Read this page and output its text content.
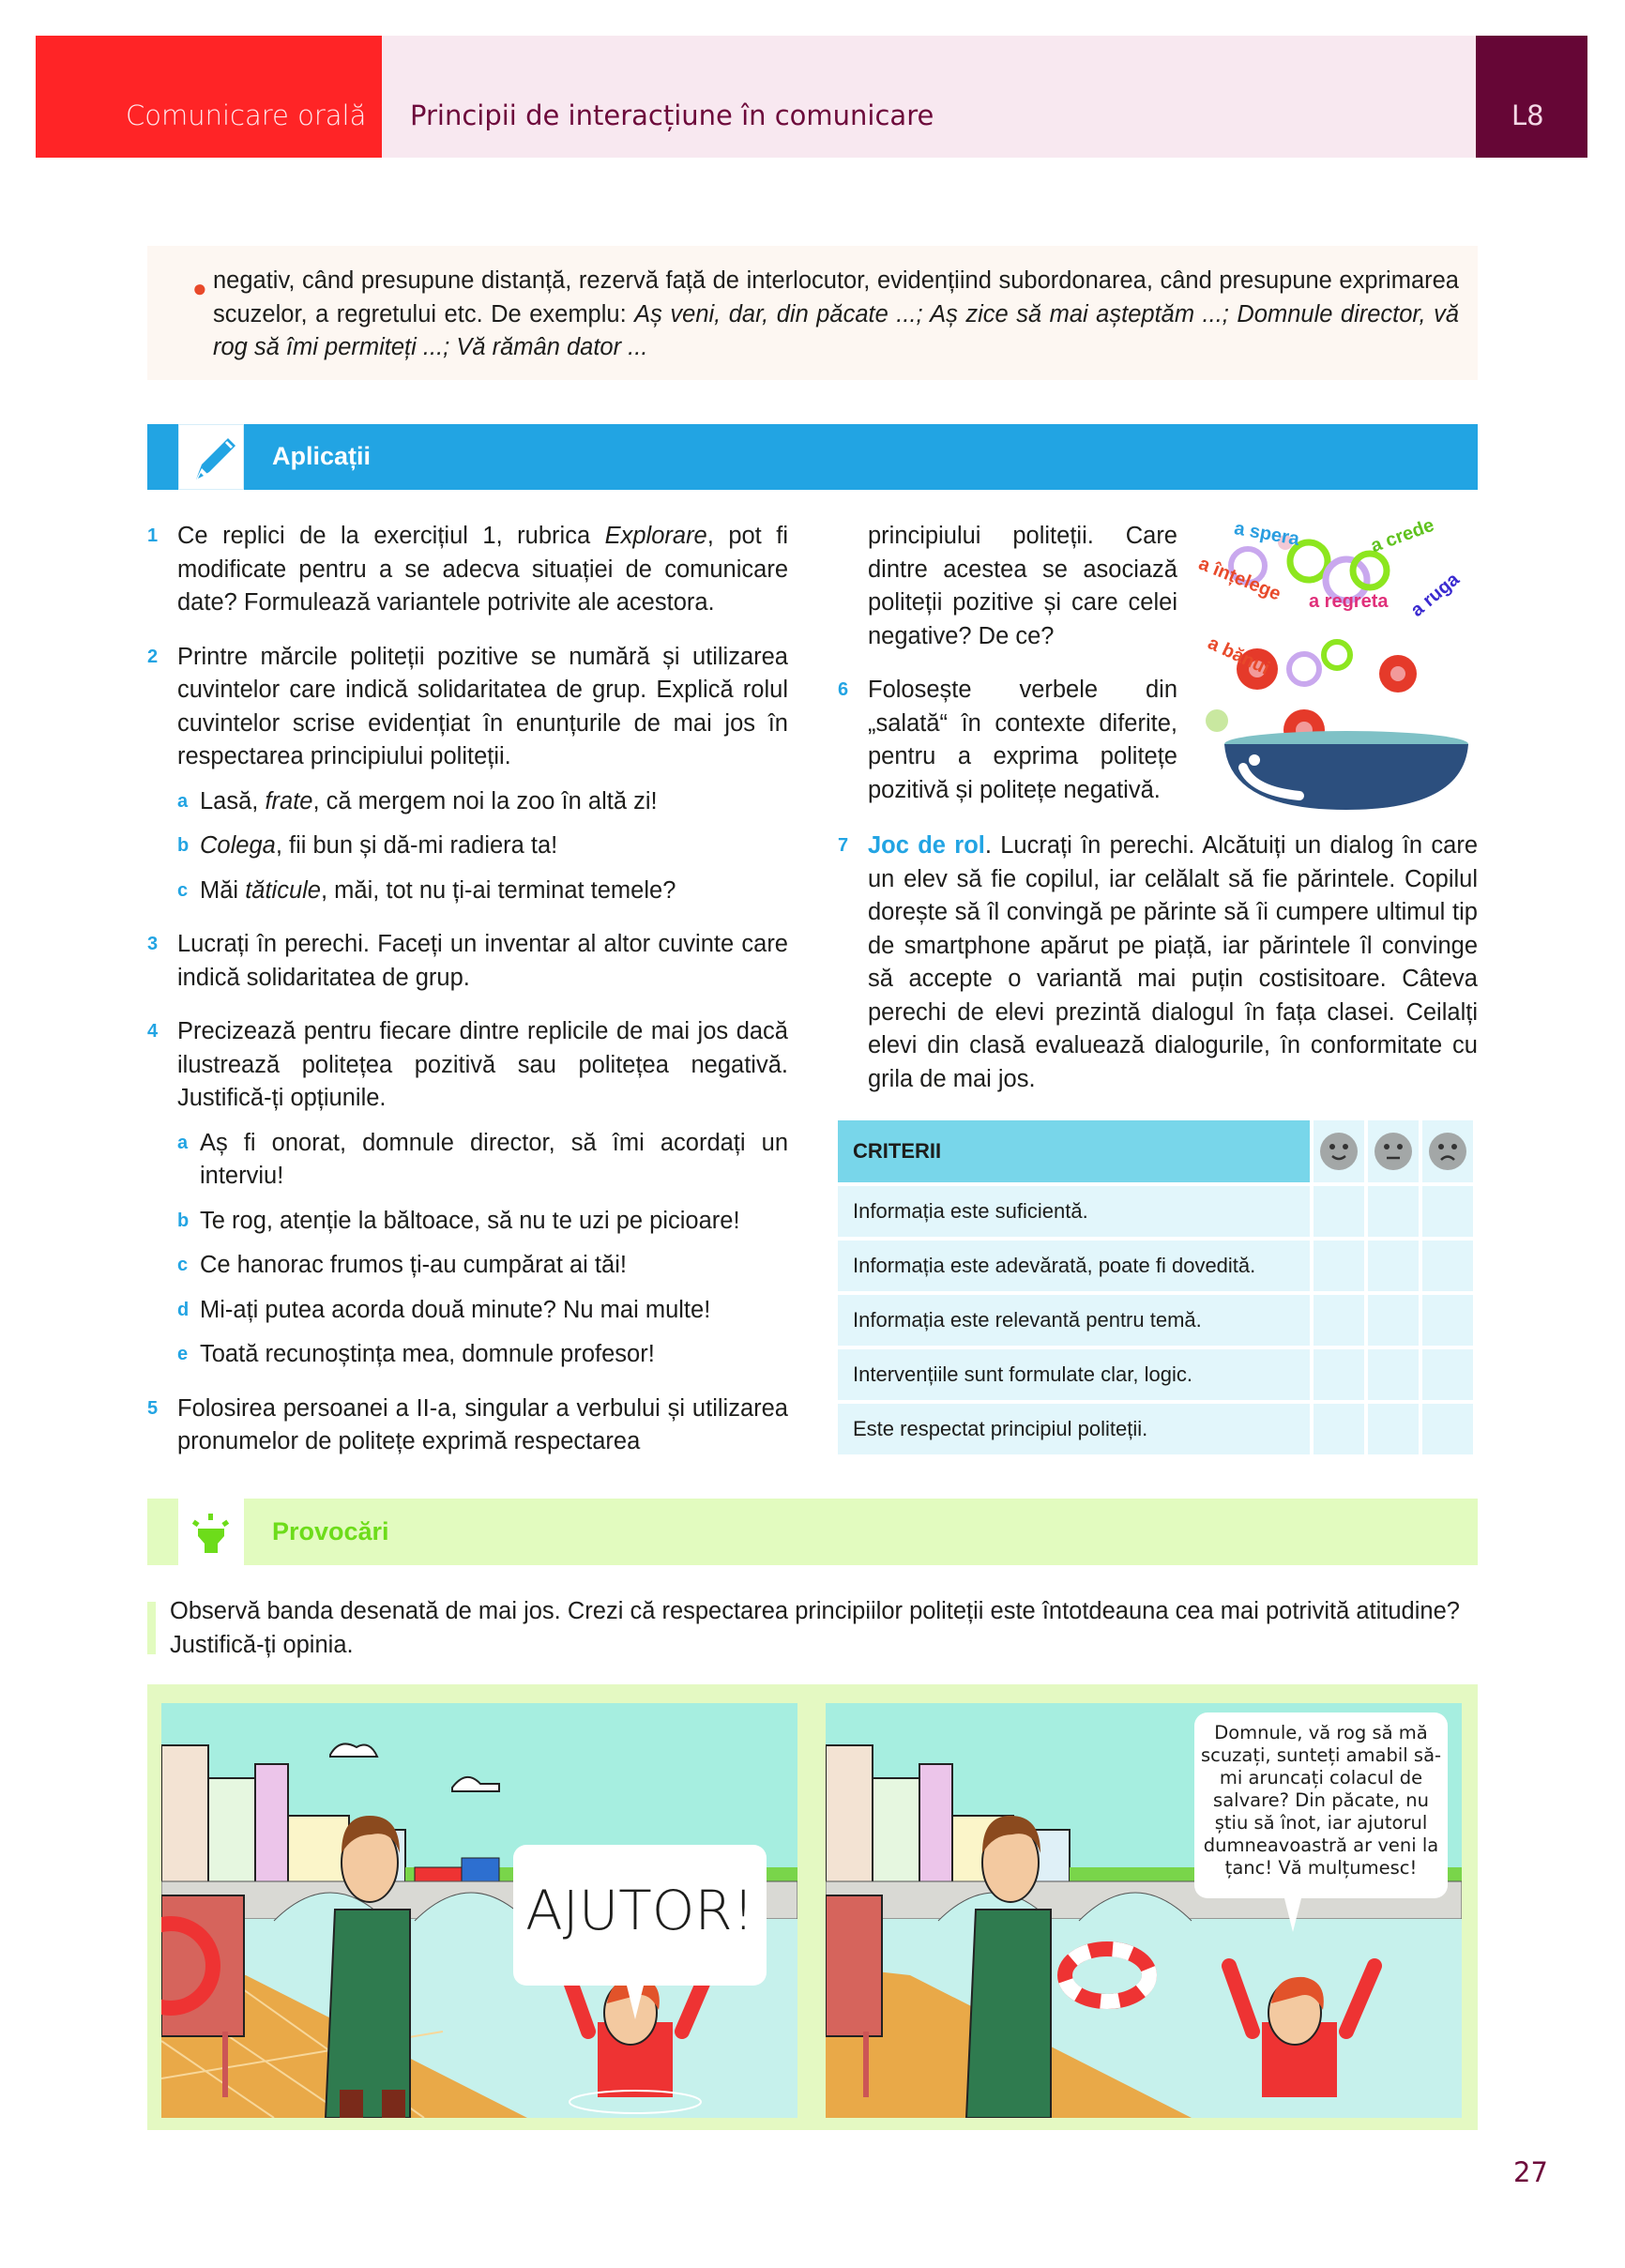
Comunicare orală	Principii de interacțiune în comunicare	L8
● negativ, când presupune distanță, rezervă față de interlocutor, evidențiind subordonarea, când presupune exprimarea scuzelor, a regretului etc. De exemplu: Aș veni, dar, din păcate ...; Aș zice să mai așteptăm ...; Domnule director, vă rog să îmi permiteți ...; Vă rămân dator ...
Aplicații
1 Ce replici de la exercițiul 1, rubrica Explorare, pot fi modificate pentru a se adecva situației de comunicare date? Formulează variantele potrivite ale acestora.
2 Printre mărcile politeții pozitive se numără și utilizarea cuvintelor care indică solidaritatea de grup. Explică rolul cuvintelor scrise evidențiat în enunțurile de mai jos în respectarea principiului politeții.
a Lasă, frate, că mergem noi la zoo în altă zi!
b Colega, fii bun și dă-mi radiera ta!
c Măi tăticule, măi, tot nu ți-ai terminat temele?
3 Lucrați în perechi. Faceți un inventar al altor cuvinte care indică solidaritatea de grup.
4 Precizează pentru fiecare dintre replicile de mai jos dacă ilustrează politețea pozitivă sau politețea negativă. Justifică-ți opțiunile.
a Aș fi onorat, domnule director, să îmi acordați un interviu!
b Te rog, atenție la băltoace, să nu te uzi pe picioare!
c Ce hanorac frumos ți-au cumpărat ai tăi!
d Mi-ați putea acorda două minute? Nu mai multe!
e Toată recunoștința mea, domnule profesor!
5 Folosirea persoanei a II-a, singular a verbului și utilizarea pronumelor de politețe exprimă respectarea
principiului politeții. Care dintre acestea se asociază politeții pozitive și care celei negative? De ce?
6 Folosește verbele din „salată“ în contexte diferite, pentru a exprima politețe pozitivă și politețe negativă.
7 Joc de rol. Lucrați în perechi. Alcătuiți un dialog în care un elev să fie copilul, iar celălalt să fie părintele. Copilul dorește să îl convingă pe părinte să îi cumpere ultimul tip de smartphone apărut pe piață, iar părintele îl convinge să accepte o variantă mai puțin costisitoare. Câteva perechi de elevi prezintă dialogul în fața clasei. Ceilalți elevi din clasă evaluează dialogurile, în conformitate cu grila de mai jos.
a spera	a crede
a înțelege a regreta a ruga
a bănui
CRITERII
Informația este suficientă.
Informația este adevărată, poate fi dovedită.
Informația este relevantă pentru temă.
Intervențiile sunt formulate clar, logic.
Este respectat principiul politeții.
Provocări
Observă banda desenată de mai jos. Crezi că respectarea principiilor politeții este întotdeauna cea mai potrivită atitudine? Justifică-ți opinia.
AJUTOR!
Domnule, vă rog să mă scuzați, sunteți amabil să-mi aruncați colacul de salvare? Din păcate, nu știu să înot, iar ajutorul dumneavoastră ar veni la țanc! Vă mulțumesc!
27
